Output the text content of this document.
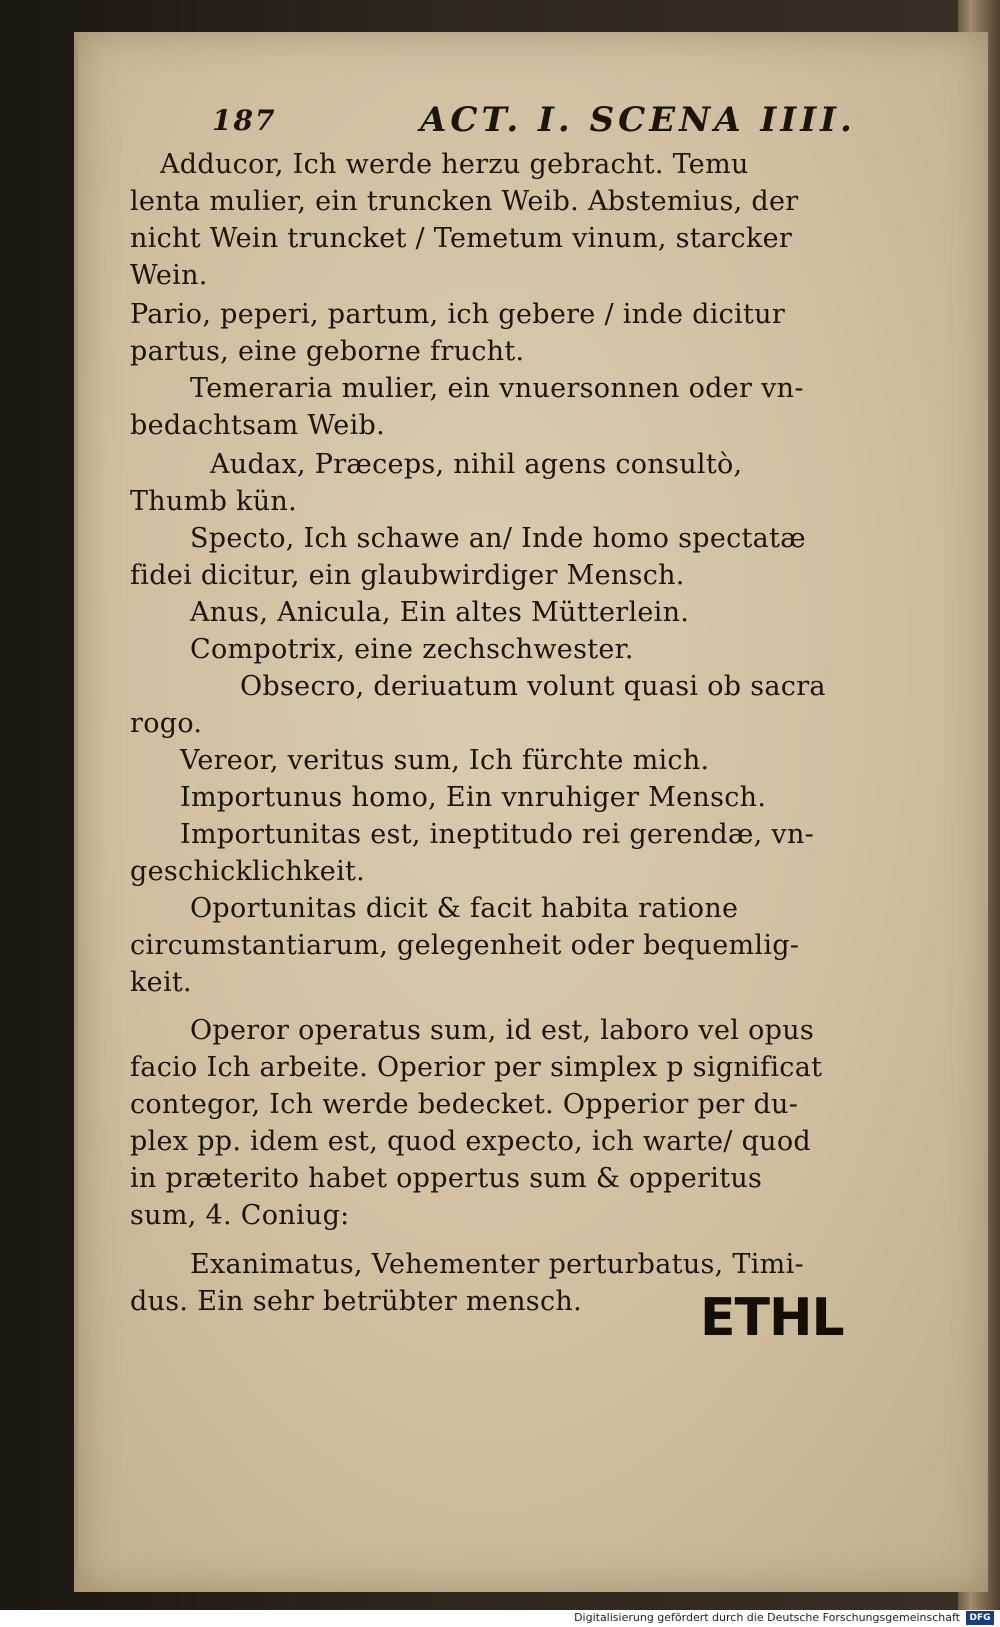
187	ACT. I. SCENA IIII.
Adducor, Ich werde herzu gebracht. Temu
lenta mulier, ein truncken Weib. Abstemius, der
nicht Wein truncket / Temetum vinum, starcker
Wein.
Pario, peperi, partum, ich gebere / inde dicitur
partus, eine geborne frucht.
Temeraria mulier, ein vnuersonnen oder vn-
bedachtsam Weib.
Audax, Præceps, nihil agens consultò,
Thumb kün.
Specto, Ich schawe an/ Inde homo spectatæ
fidei dicitur, ein glaubwirdiger Mensch.
Anus, Anicula, Ein altes Mütterlein.
Compotrix, eine zechschwester.
Obsecro, deriuatum volunt quasi ob sacra
rogo.
Vereor, veritus sum, Ich fürchte mich.
Importunus homo, Ein vnruhiger Mensch.
Importunitas est, ineptitudo rei gerendæ, vn-
geschicklichkeit.
Oportunitas dicit & facit habita ratione
circumstantiarum, gelegenheit oder bequemlig-
keit.
Operor operatus sum, id est, laboro vel opus
facio Ich arbeite. Operior per simplex p significat
contegor, Ich werde bedecket. Opperior per du-
plex pp. idem est, quod expecto, ich warte/ quod
in præterito habet oppertus sum & opperitus
sum, 4. Coniug:
Exanimatus, Vehementer perturbatus, Timi-
dus. Ein sehr betrübter mensch. ETHL
Digitalisierung gefördert durch die Deutsche Forschungsgemeinschaft	DFG
